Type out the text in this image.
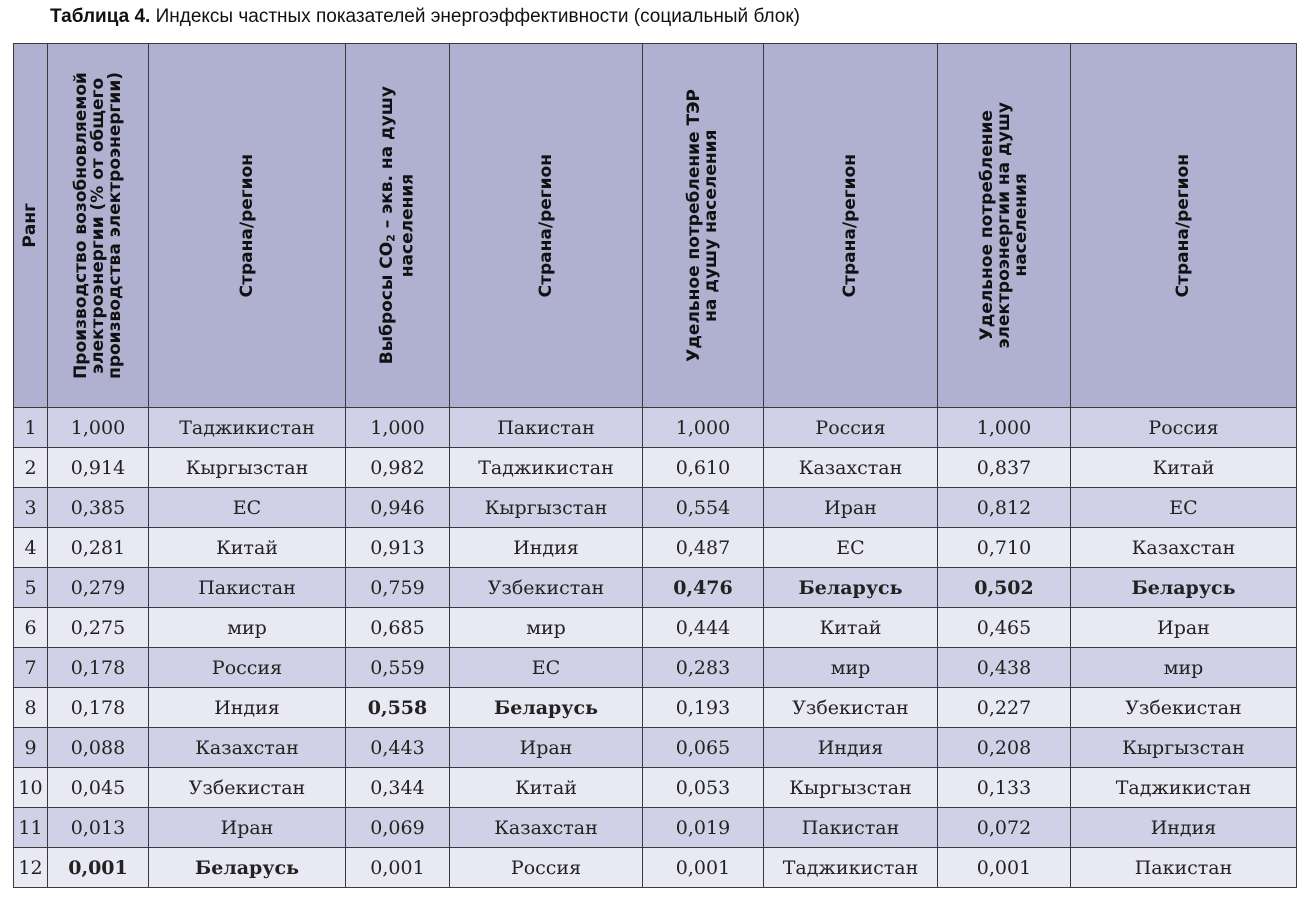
Таблица 4. Индексы частных показателей энергоэффективности (социальный блок)
Ранг	Производство возобновляемой
электроэнергии (% от общего
производства электроэнергии)	Страна/регион	Выбросы $CO_2$ – экв. на душу
населения	Страна/регион	Удельное потребление ТЭР
на душу населения	Страна/регион	Удельное потребление
электроэнергии на душу
населения	Страна/регион

1	1,000	Таджикистан	1,000	Пакистан	1,000	Россия	1,000	Россия
2	0,914	Кыргызстан	0,982	Таджикистан	0,610	Казахстан	0,837	Китай
3	0,385	ЕС	0,946	Кыргызстан	0,554	Иран	0,812	ЕС
4	0,281	Китай	0,913	Индия	0,487	ЕС	0,710	Казахстан
5	0,279	Пакистан	0,759	Узбекистан	0,476	Беларусь	0,502	Беларусь
6	0,275	мир	0,685	мир	0,444	Китай	0,465	Иран
7	0,178	Россия	0,559	ЕС	0,283	мир	0,438	мир
8	0,178	Индия	0,558	Беларусь	0,193	Узбекистан	0,227	Узбекистан
9	0,088	Казахстан	0,443	Иран	0,065	Индия	0,208	Кыргызстан
10	0,045	Узбекистан	0,344	Китай	0,053	Кыргызстан	0,133	Таджикистан
11	0,013	Иран	0,069	Казахстан	0,019	Пакистан	0,072	Индия
12	0,001	Беларусь	0,001	Россия	0,001	Таджикистан	0,001	Пакистан
